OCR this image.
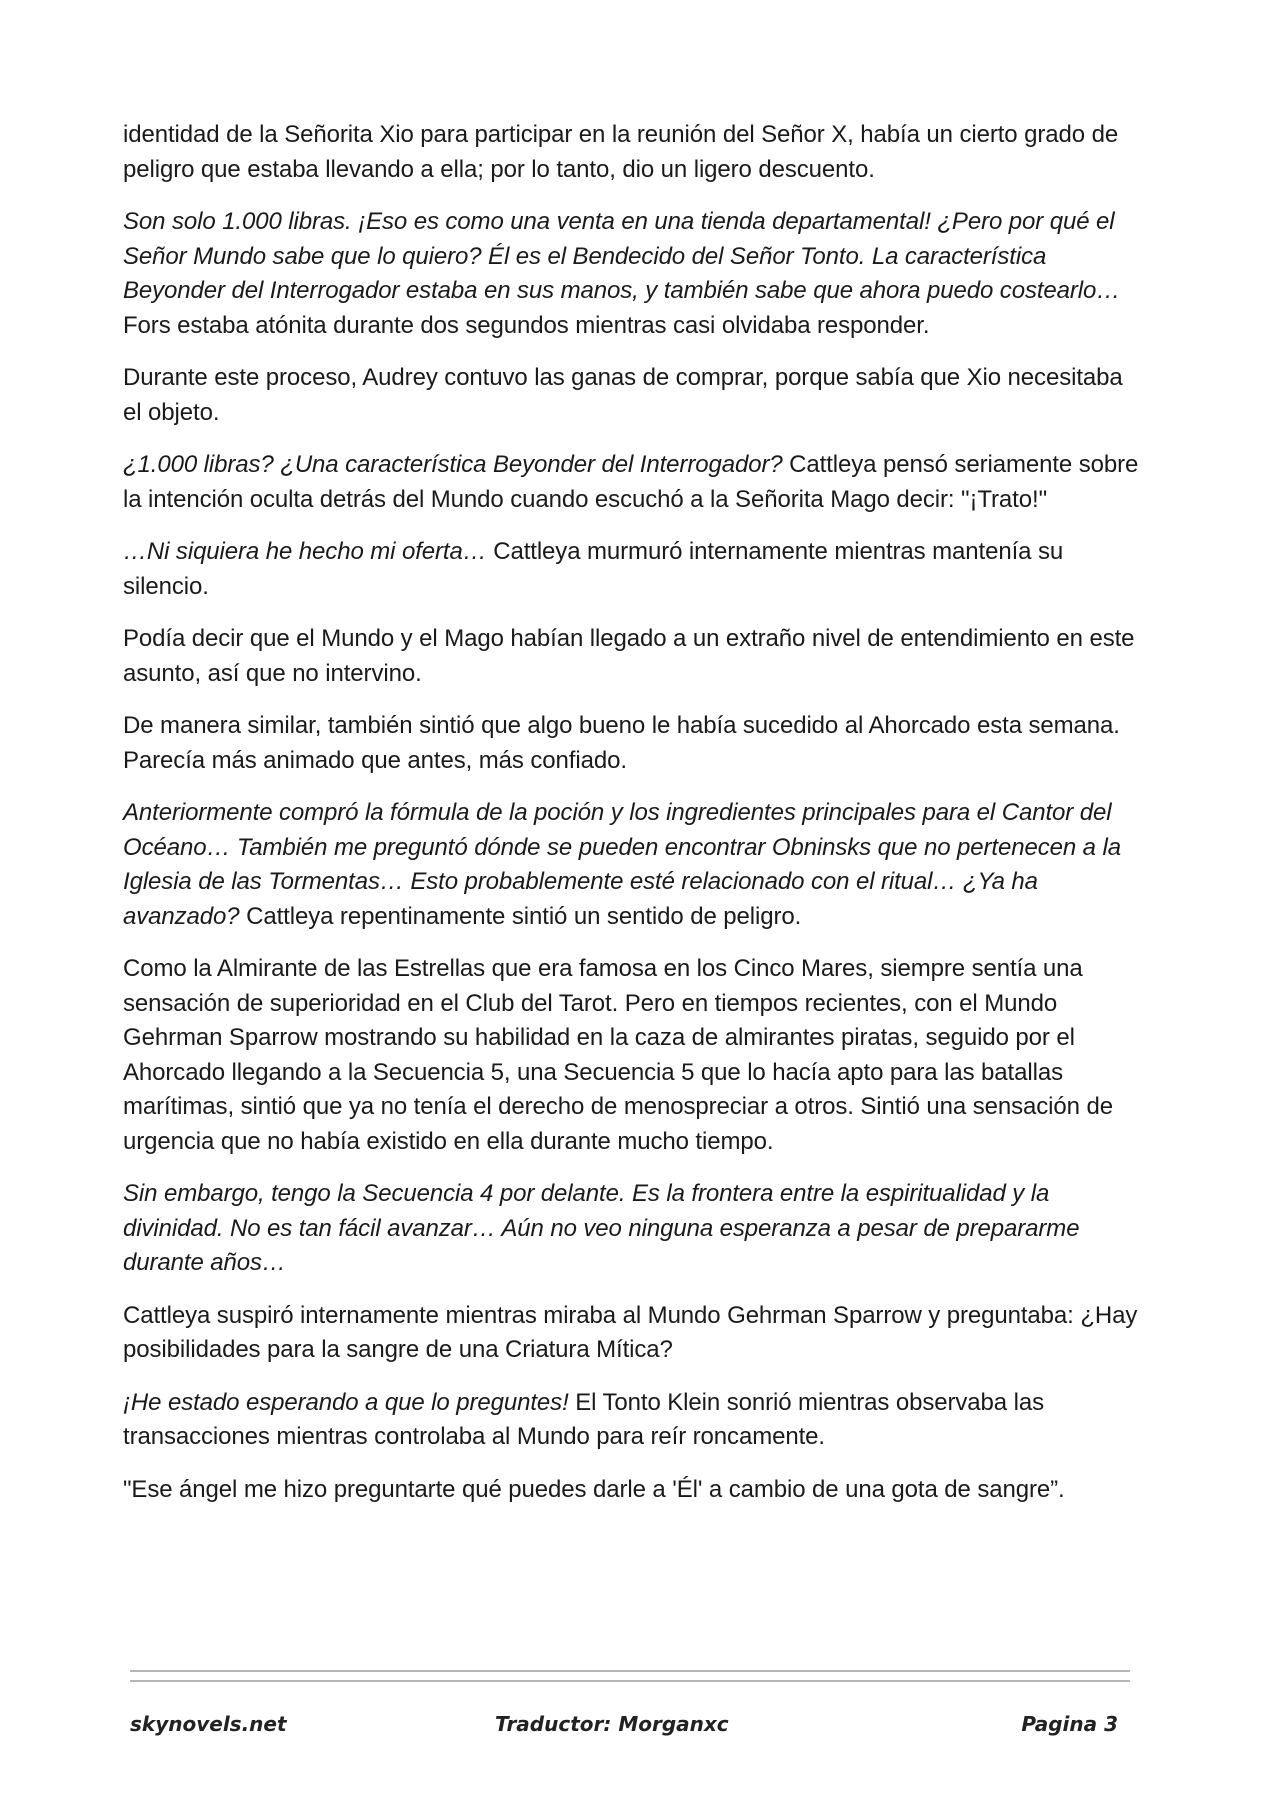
identidad de la Señorita Xio para participar en la reunión del Señor X, había un cierto grado de peligro que estaba llevando a ella; por lo tanto, dio un ligero descuento.

Son solo 1.000 libras. ¡Eso es como una venta en una tienda departamental! ¿Pero por qué el Señor Mundo sabe que lo quiero? Él es el Bendecido del Señor Tonto. La característica Beyonder del Interrogador estaba en sus manos, y también sabe que ahora puedo costearlo… Fors estaba atónita durante dos segundos mientras casi olvidaba responder.

Durante este proceso, Audrey contuvo las ganas de comprar, porque sabía que Xio necesitaba el objeto.

¿1.000 libras? ¿Una característica Beyonder del Interrogador? Cattleya pensó seriamente sobre la intención oculta detrás del Mundo cuando escuchó a la Señorita Mago decir: "¡Trato!"

…Ni siquiera he hecho mi oferta… Cattleya murmuró internamente mientras mantenía su silencio.

Podía decir que el Mundo y el Mago habían llegado a un extraño nivel de entendimiento en este asunto, así que no intervino.

De manera similar, también sintió que algo bueno le había sucedido al Ahorcado esta semana. Parecía más animado que antes, más confiado.

Anteriormente compró la fórmula de la poción y los ingredientes principales para el Cantor del Océano… También me preguntó dónde se pueden encontrar Obninsks que no pertenecen a la Iglesia de las Tormentas… Esto probablemente esté relacionado con el ritual… ¿Ya ha avanzado? Cattleya repentinamente sintió un sentido de peligro.

Como la Almirante de las Estrellas que era famosa en los Cinco Mares, siempre sentía una sensación de superioridad en el Club del Tarot. Pero en tiempos recientes, con el Mundo Gehrman Sparrow mostrando su habilidad en la caza de almirantes piratas, seguido por el Ahorcado llegando a la Secuencia 5, una Secuencia 5 que lo hacía apto para las batallas marítimas, sintió que ya no tenía el derecho de menospreciar a otros. Sintió una sensación de urgencia que no había existido en ella durante mucho tiempo.

Sin embargo, tengo la Secuencia 4 por delante. Es la frontera entre la espiritualidad y la divinidad. No es tan fácil avanzar… Aún no veo ninguna esperanza a pesar de prepararme durante años…

Cattleya suspiró internamente mientras miraba al Mundo Gehrman Sparrow y preguntaba: ¿Hay posibilidades para la sangre de una Criatura Mítica?

¡He estado esperando a que lo preguntes! El Tonto Klein sonrió mientras observaba las transacciones mientras controlaba al Mundo para reír roncamente.

"Ese ángel me hizo preguntarte qué puedes darle a 'Él' a cambio de una gota de sangre”.

skynovels.net	Traductor: Morganxc	Pagina 3
